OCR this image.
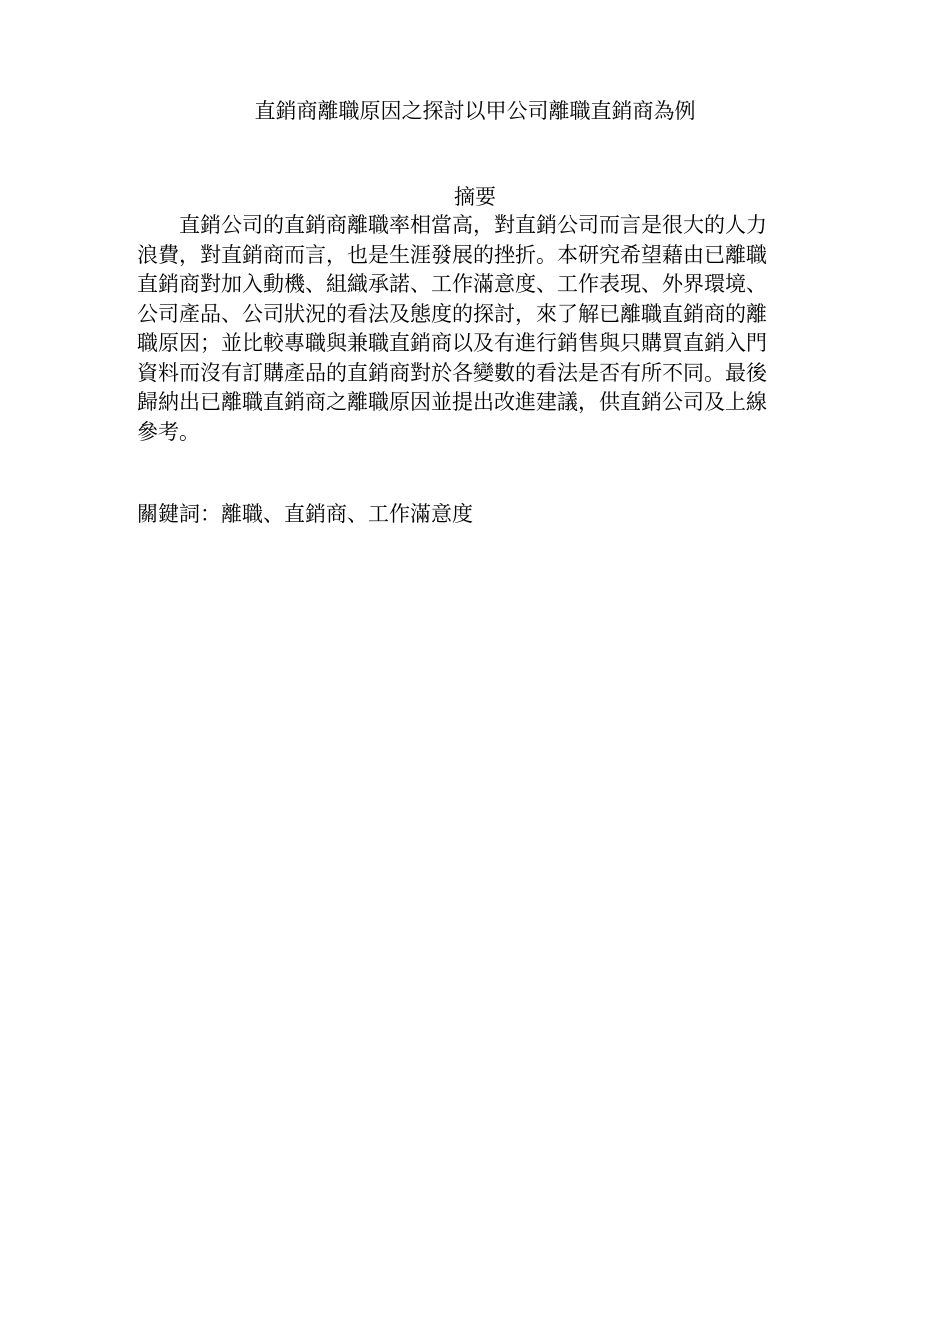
直銷商離職原因之探討以甲公司離職直銷商為例
摘要
直銷公司的直銷商離職率相當高，對直銷公司而言是很大的人力
浪費，對直銷商而言，也是生涯發展的挫折。本研究希望藉由已離職
直銷商對加入動機、組織承諾、工作滿意度、工作表現、外界環境、
公司產品、公司狀況的看法及態度的探討，來了解已離職直銷商的離
職原因；並比較專職與兼職直銷商以及有進行銷售與只購買直銷入門
資料而沒有訂購產品的直銷商對於各變數的看法是否有所不同。最後
歸納出已離職直銷商之離職原因並提出改進建議，供直銷公司及上線
參考。
關鍵詞：離職、直銷商、工作滿意度
